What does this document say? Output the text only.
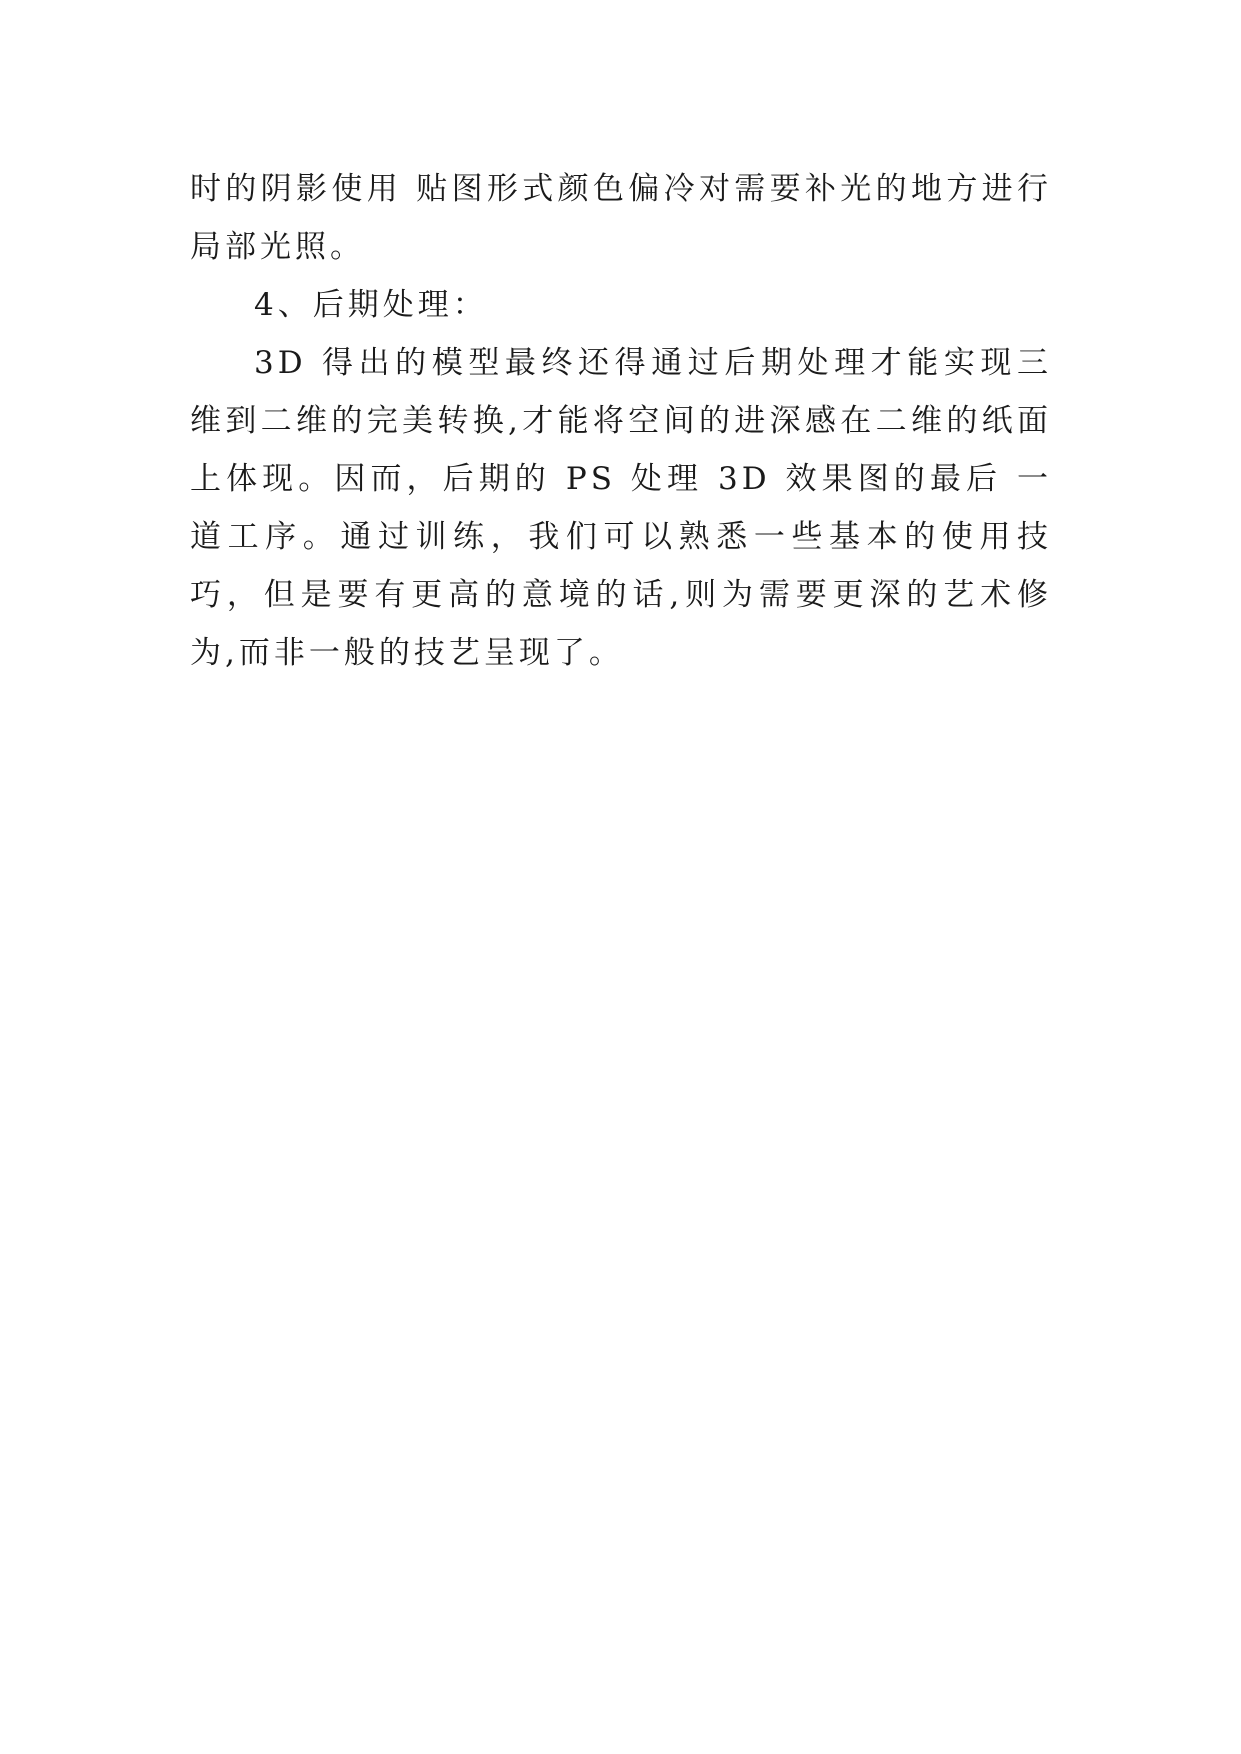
时的阴影使用 贴图形式颜色偏冷对需要补光的地方进行局部光照。

4、后期处理：

3D 得出的模型最终还得通过后期处理才能实现三维到二维的完美转换,才能将空间的进深感在二维的纸面上体现。因而，后期的 PS 处理 3D 效果图的最后 一道工序。通过训练，我们可以熟悉一些基本的使用技巧，但是要有更高的意境的话,则为需要更深的艺术修为,而非一般的技艺呈现了。
